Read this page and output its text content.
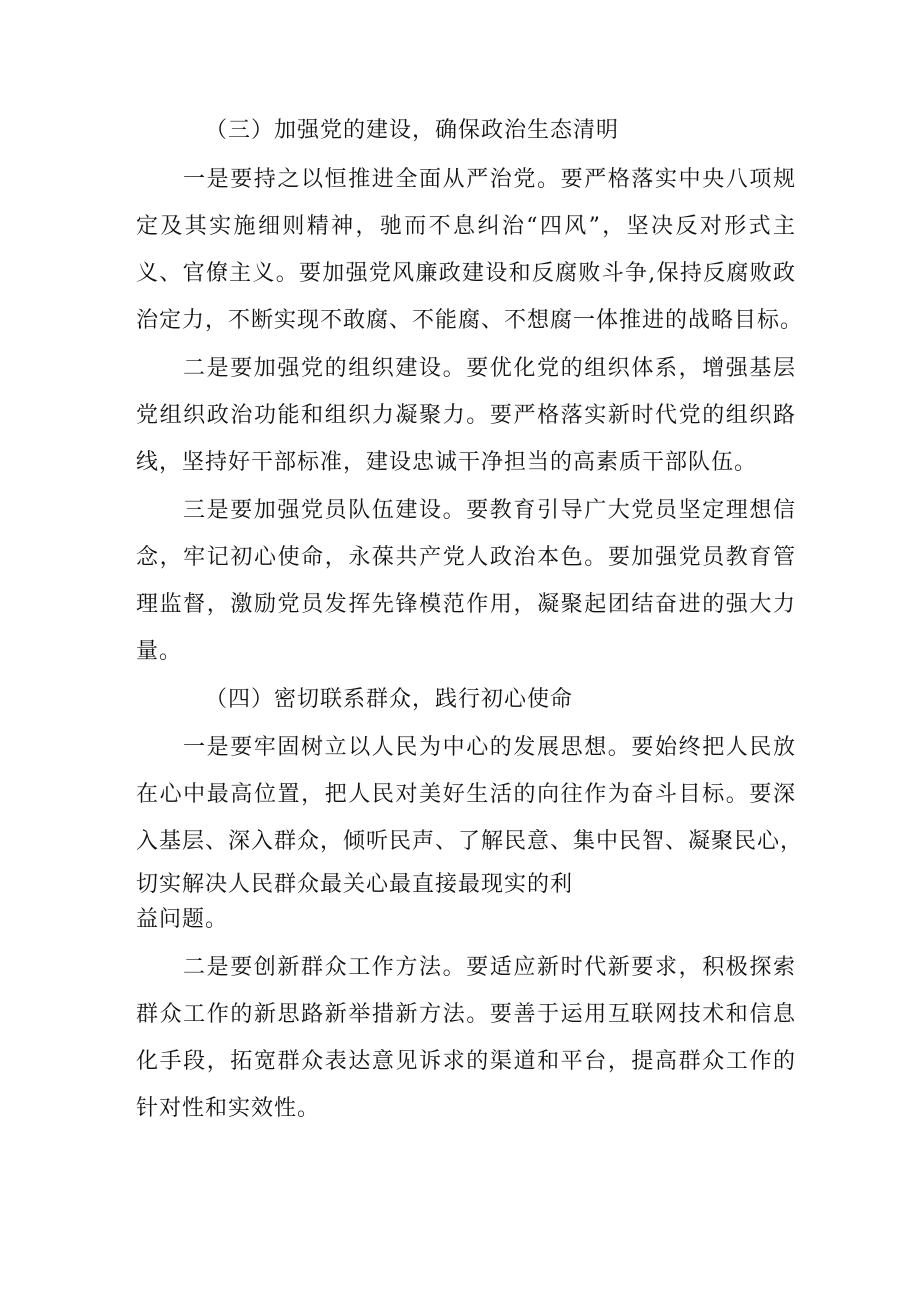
（三）加强党的建设，确保政治生态清明
一是要持之以恒推进全面从严治党。要严格落实中央八项规
定及其实施细则精神，驰而不息纠治“四风”，坚决反对形式主
义、官僚主义。要加强党风廉政建设和反腐败斗争,保持反腐败政
治定力，不断实现不敢腐、不能腐、不想腐一体推进的战略目标。
二是要加强党的组织建设。要优化党的组织体系，增强基层
党组织政治功能和组织力凝聚力。要严格落实新时代党的组织路
线，坚持好干部标准，建设忠诚干净担当的高素质干部队伍。
三是要加强党员队伍建设。要教育引导广大党员坚定理想信
念，牢记初心使命，永葆共产党人政治本色。要加强党员教育管
理监督，激励党员发挥先锋模范作用，凝聚起团结奋进的强大力
量。
（四）密切联系群众，践行初心使命
一是要牢固树立以人民为中心的发展思想。要始终把人民放
在心中最高位置，把人民对美好生活的向往作为奋斗目标。要深
入基层、深入群众，倾听民声、了解民意、集中民智、凝聚民心，
切实解决人民群众最关心最直接最现实的利
益问题。
二是要创新群众工作方法。要适应新时代新要求，积极探索
群众工作的新思路新举措新方法。要善于运用互联网技术和信息
化手段，拓宽群众表达意见诉求的渠道和平台，提高群众工作的
针对性和实效性。
